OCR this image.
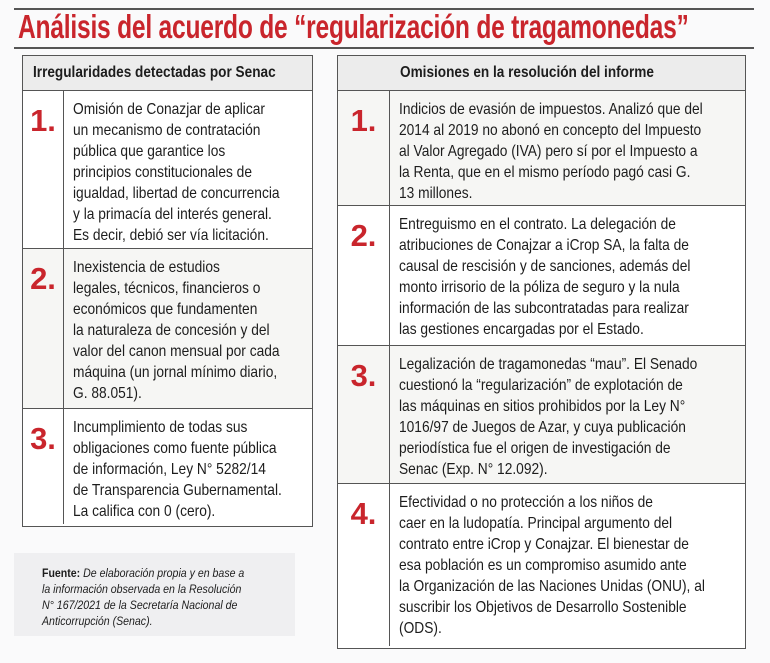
Análisis del acuerdo de “regularización de tragamonedas”
Irregularidades detectadas por Senac
1.	Omisión de Conazjar de aplicar
un mecanismo de contratación
pública que garantice los
principios constitucionales de
igualdad, libertad de concurrencia
y la primacía del interés general.
Es decir, debió ser vía licitación.
2.	Inexistencia de estudios
legales, técnicos, financieros o
económicos que fundamenten
la naturaleza de concesión y del
valor del canon mensual por cada
máquina (un jornal mínimo diario,
G. 88.051).
3.	Incumplimiento de todas sus
obligaciones como fuente pública
de información, Ley N° 5282/14
de Transparencia Gubernamental.
La califica con 0 (cero).
Omisiones en la resolución del informe
1.	Indicios de evasión de impuestos. Analizó que del
2014 al 2019 no abonó en concepto del Impuesto
al Valor Agregado (IVA) pero sí por el Impuesto a
la Renta, que en el mismo período pagó casi G.
13 millones.
2.	Entreguismo en el contrato. La delegación de
atribuciones de Conajzar a iCrop SA, la falta de
causal de rescisión y de sanciones, además del
monto irrisorio de la póliza de seguro y la nula
información de las subcontratadas para realizar
las gestiones encargadas por el Estado.
3.	Legalización de tragamonedas “mau”. El Senado
cuestionó la “regularización” de explotación de
las máquinas en sitios prohibidos por la Ley N°
1016/97 de Juegos de Azar, y cuya publicación
periodística fue el origen de investigación de
Senac (Exp. N° 12.092).
4.	Efectividad o no protección a los niños de
caer en la ludopatía. Principal argumento del
contrato entre iCrop y Conajzar. El bienestar de
esa población es un compromiso asumido ante
la Organización de las Naciones Unidas (ONU), al
suscribir los Objetivos de Desarrollo Sostenible
(ODS).
Fuente: De elaboración propia y en base a
la información observada en la Resolución
N° 167/2021 de la Secretaría Nacional de
Anticorrupción (Senac).
